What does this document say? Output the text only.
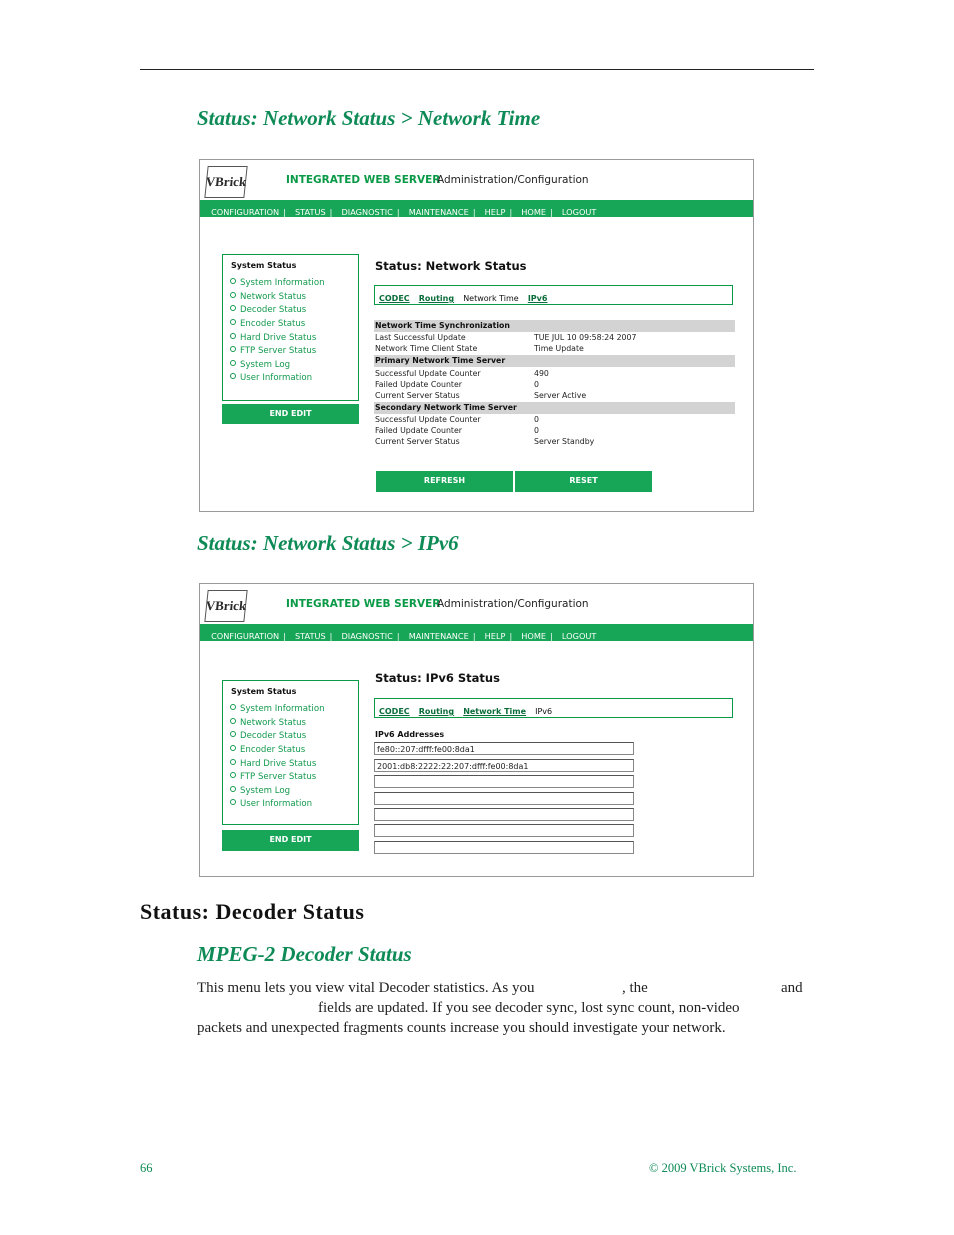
Status: Network Status > Network Time
VBrick	INTEGRATED WEB SERVER
Administration/Configuration
CONFIGURATION | STATUS | DIAGNOSTIC | MAINTENANCE | HELP | HOME | LOGOUT
System Status
System Information
Network Status
Decoder Status
Encoder Status
Hard Drive Status
FTP Server Status
System Log
User Information
END EDIT
Status: Network Status
CODEC Routing Network Time IPv6
Network Time Synchronization
Last Successful Update	TUE JUL 10 09:58:24 2007
Network Time Client State	Time Update
Primary Network Time Server
Successful Update Counter	490
Failed Update Counter	0
Current Server Status	Server Active
Secondary Network Time Server
Successful Update Counter	0
Failed Update Counter	0
Current Server Status	Server Standby
REFRESH	RESET
Status: Network Status > IPv6
VBrick	INTEGRATED WEB SERVER
Administration/Configuration
CONFIGURATION | STATUS | DIAGNOSTIC | MAINTENANCE | HELP | HOME | LOGOUT
System Status
System Information
Network Status
Decoder Status
Encoder Status
Hard Drive Status
FTP Server Status
System Log
User Information
END EDIT
Status: IPv6 Status
CODEC Routing Network Time IPv6
IPv6 Addresses
fe80::207:dfff:fe00:8da1
2001:db8:2222:22:207:dfff:fe00:8da1
Status: Decoder Status
MPEG-2 Decoder Status
This menu lets you view vital Decoder statistics. As you	, the	and
fields are updated. If you see decoder sync, lost sync count, non-video
packets and unexpected fragments counts increase you should investigate your network.
66	© 2009 VBrick Systems, Inc.
